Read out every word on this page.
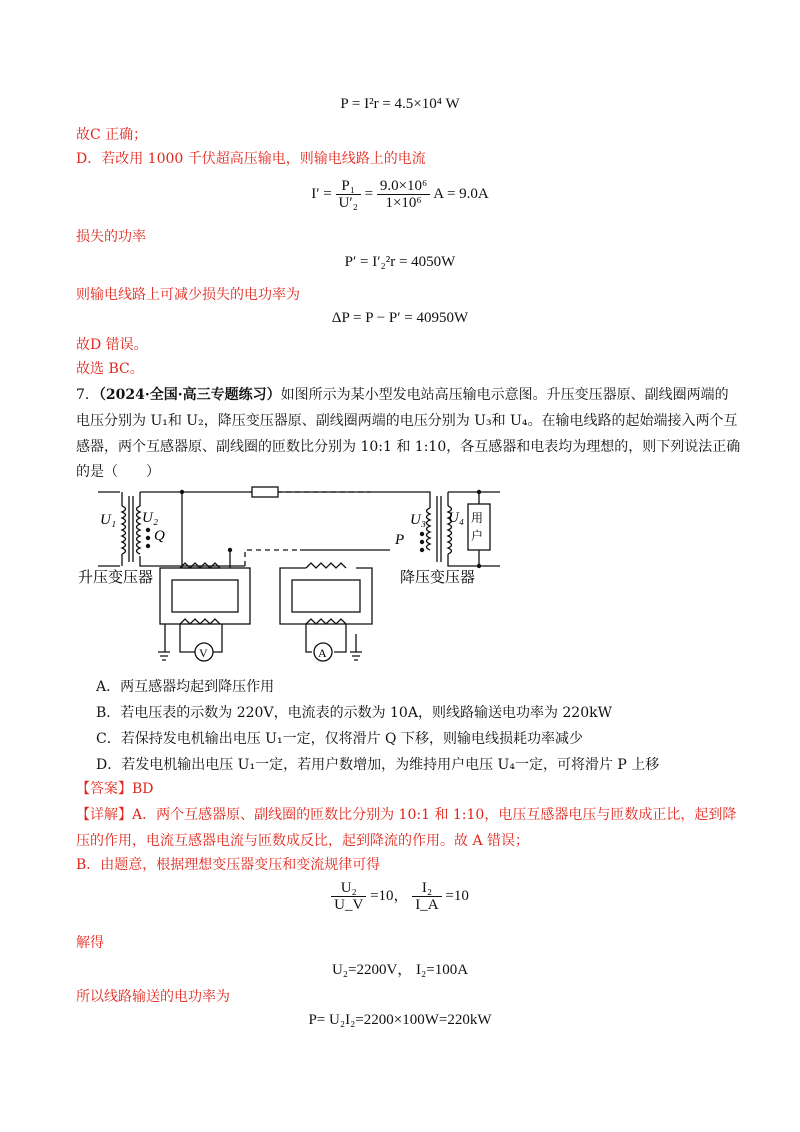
P = I²r = 4.5×10⁴ W
故C 正确；
D．若改用 1000 千伏超高压输电，则输电线路上的电流
$I' = \frac{\text{P₁}}{\text{U′₂}} = \frac{\text{9.0×10⁶}}{\text{1×10⁶}}$ A = 9.0A
损失的功率
P′ = I′₂²r = 4050W
则输电线路上可减少损失的电功率为
ΔP = P − P′ = 40950W
故D 错误。
故选 BC。
7．（2024·全国·高三专题练习）如图所示为某小型发电站高压输电示意图。升压变压器原、副线圈两端的
电压分别为 U₁和 U₂，降压变压器原、副线圈两端的电压分别为 U₃和 U₄。在输电线路的起始端接入两个互
感器，两个互感器原、副线圈的匝数比分别为 10:1 和 1:10，各互感器和电表均为理想的，则下列说法正确
的是（　　）
U₁ U₂
Q
U₃ U₄
P
用
户
升压变压器	降压变压器
V	A
A．两互感器均起到降压作用
B．若电压表的示数为 220V，电流表的示数为 10A，则线路输送电功率为 220kW
C．若保持发电机输出电压 U₁一定，仅将滑片 Q 下移，则输电线损耗功率减少
D．若发电机输出电压 U₁一定，若用户数增加，为维持用户电压 U₄一定，可将滑片 P 上移
【答案】BD
【详解】A．两个互感器原、副线圈的匝数比分别为 10:1 和 1:10，电压互感器电压与匝数成正比，起到降
压的作用，电流互感器电流与匝数成反比，起到降流的作用。故 A 错误；
B．由题意，根据理想变压器变压和变流规律可得
$\frac{\text{U₂}}{U\_V} =10$， $\frac{\text{I₂}}{I\_A} =10$
解得
U₂=2200V， I₂=100A
所以线路输送的电功率为
P= U₂I₂=2200×100W=220kW
